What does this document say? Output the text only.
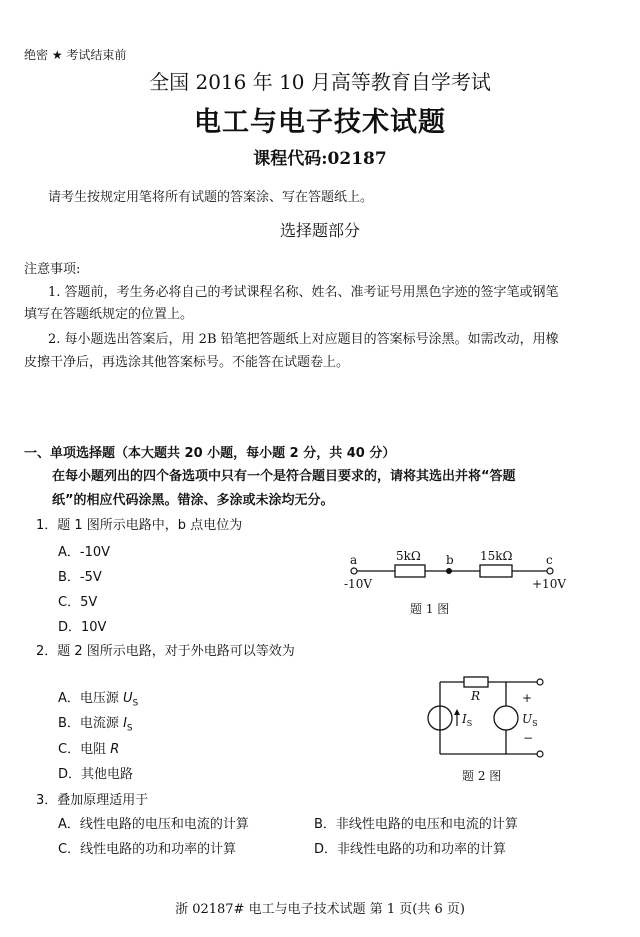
绝密 ★ 考试结束前
全国 2016 年 10 月高等教育自学考试
电工与电子技术试题
课程代码:02187
请考生按规定用笔将所有试题的答案涂、写在答题纸上。
选择题部分
注意事项:
1. 答题前，考生务必将自己的考试课程名称、姓名、准考证号用黑色字迹的签字笔或钢笔
填写在答题纸规定的位置上。
2. 每小题选出答案后，用 2B 铅笔把答题纸上对应题目的答案标号涂黑。如需改动，用橡
皮擦干净后，再选涂其他答案标号。不能答在试题卷上。
一、单项选择题（本大题共 20 小题，每小题 2 分，共 40 分）
在每小题列出的四个备选项中只有一个是符合题目要求的，请将其选出并将“答题
纸”的相应代码涂黑。错涂、多涂或未涂均无分。
1．题 1 图所示电路中，b 点电位为
A．-10V
B．-5V
C．5V
D．10V
a	5kΩ b 15kΩ	c
-10V	+10V
题 1 图
2．题 2 图所示电路，对于外电路可以等效为
A．电压源 $U_S$
B．电流源 $I_S$
C．电阻 R
D．其他电路
R
$I_S$
+
$U_S$
−
题 2 图
3．叠加原理适用于
A．线性电路的电压和电流的计算	B．非线性电路的电压和电流的计算
C．线性电路的功和功率的计算	D．非线性电路的功和功率的计算
浙 02187# 电工与电子技术试题 第 1 页(共 6 页)
